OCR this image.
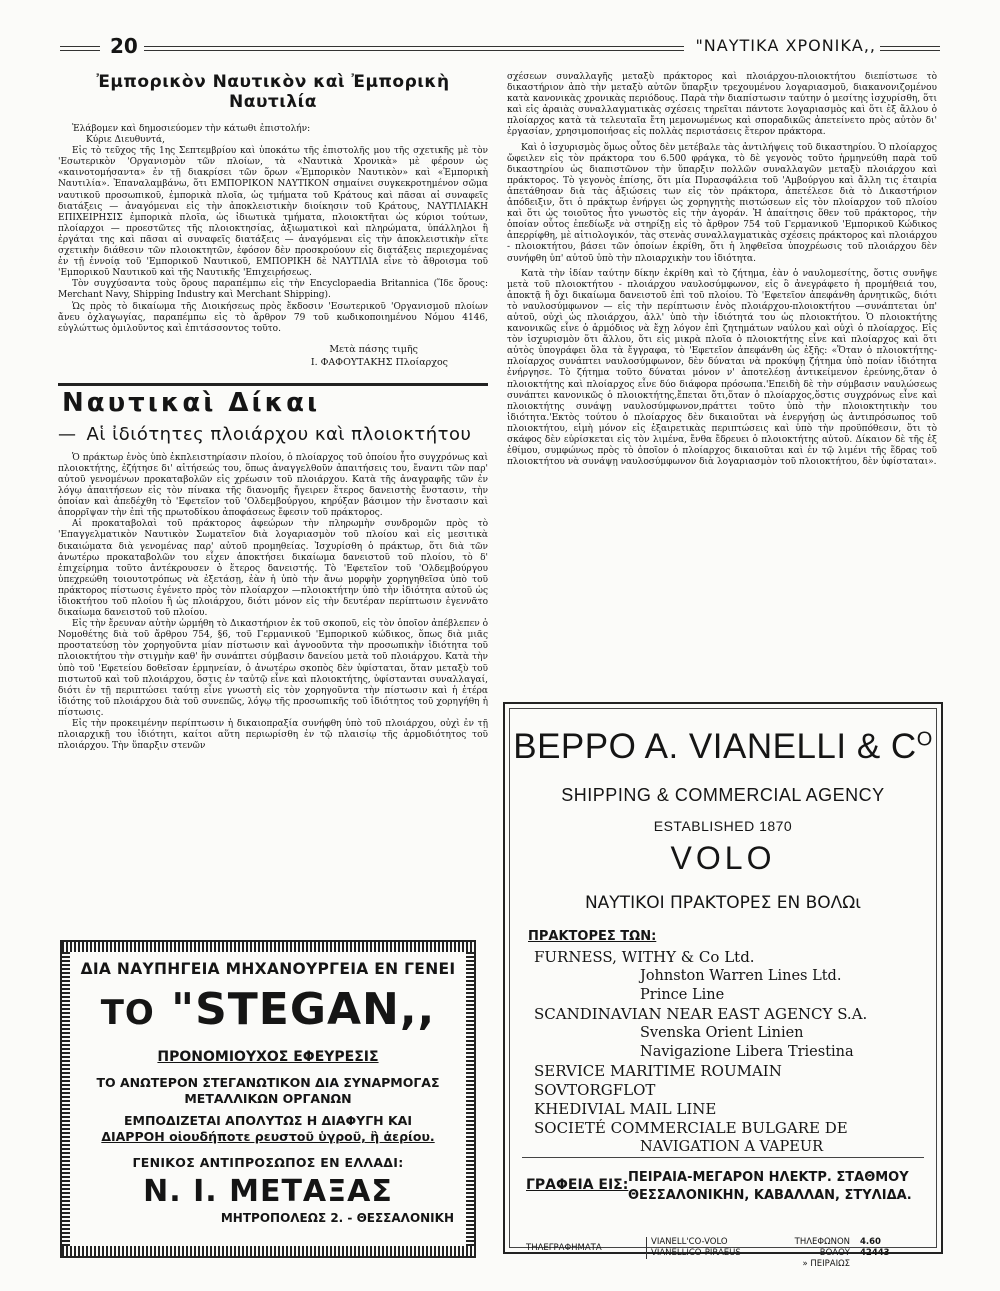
20	"ΝΑΥΤΙΚΑ ΧΡΟΝΙΚΑ,,
Ἐμπορικὸν Ναυτικὸν καὶ Ἐμπορικὴ Ναυτιλία

Ἐλάβομεν καὶ δημοσιεύομεν τὴν κάτωθι ἐπιστολήν:

Κύριε Διευθυντά,

Εἰς τὸ τεῦχος τῆς 1ης Σεπτεμβρίου καὶ ὑποκάτω τῆς ἐπιστολῆς μου τῆς σχετικῆς μὲ τὸν 'Εσωτερικὸν 'Οργανισμὸν τῶν πλοίων, τὰ «Ναυτικὰ Χρονικὰ» μὲ φέρουν ὡς «καινοτομήσαντα» ἐν τῇ διακρίσει τῶν ὅρων «Ἐμπορικὸν Ναυτικὸν» καὶ «Ἐμπορικὴ Ναυτιλία». Ἐπαναλαμβάνω, ὅτι ΕΜΠΟΡΙΚΟΝ ΝΑΥΤΙΚΟΝ σημαίνει συγκεκροτημένον σῶμα ναυτικοῦ προσωπικοῦ, ἐμπορικὰ πλοῖα, ὡς τμήματα τοῦ Κράτους καὶ πᾶσαι αἱ συναφεῖς διατάξεις — ἀναγόμεναι εἰς τὴν ἀποκλειστικὴν διοίκησιν τοῦ Κράτους, ΝΑΥΤΙΛΙΑΚΗ ΕΠΙΧΕΙΡΗΣΙΣ ἐμπορικὰ πλοῖα, ὡς ἰδιωτικὰ τμήματα, πλοιοκτῆται ὡς κύριοι τούτων, πλοίαρχοι — προεστῶτες τῆς πλοιοκτησίας, ἀξιωματικοὶ καὶ πληρώματα, ὑπάλληλοι ἢ ἐργάται της καὶ πᾶσαι αἱ συναφεῖς διατάξεις — ἀναγόμεναι εἰς τὴν ἀποκλειστικὴν εἴτε σχετικὴν διάθεσιν τῶν πλοιοκτητῶν, ἐφόσον δὲν προσκρούουν εἰς διατάξεις περιεχομένας ἐν τῇ ἐννοίᾳ τοῦ 'Εμπορικοῦ Ναυτικοῦ, ΕΜΠΟΡΙΚΗ δὲ ΝΑΥΤΙΛΙΑ εἶνε τὸ ἄθροισμα τοῦ 'Εμπορικοῦ Ναυτικοῦ καὶ τῆς Ναυτικῆς 'Επιχειρήσεως.

Τὸν συγχύσαντα τοὺς ὅρους παραπέμπω εἰς τὴν Encyclopaedia Britannica (Ἴδε ὅρους: Merchant Navy, Shipping Industry καὶ Merchant Shipping).

Ὡς πρὸς τὸ δικαίωμα τῆς Διοικήσεως πρὸς ἔκδοσιν 'Εσωτερικοῦ 'Οργανισμοῦ πλοίων ἄνευ ὀχλαγωγίας, παραπέμπω εἰς τὸ ἄρθρον 79 τοῦ κωδικοποιημένου Νόμου 4146, εὐγλώττως ὁμιλοῦντος καὶ ἐπιτάσσοντος τοῦτο.

Μετὰ πάσης τιμῆς
Ι. ΦΑΦΟΥΤΑΚΗΣ Πλοίαρχος
Ναυτικαὶ Δίκαι
— Αἱ ἰδιότητες πλοιάρχου καὶ πλοιοκτήτου

Ὁ πράκτωρ ἑνὸς ὑπὸ ἐκπλειστηρίασιν πλοίου, ὁ πλοίαρχος τοῦ ὁποίου ἦτο συγχρόνως καὶ πλοιοκτήτης, ἐζήτησε δι' αἰτήσεώς του, ὅπως ἀναγγελθοῦν ἀπαιτήσεις του, ἔναντι τῶν παρ' αὐτοῦ γενομένων προκαταβολῶν εἰς χρέωσιν τοῦ πλοιάρχου. Κατὰ τῆς ἀναγραφῆς τῶν ἐν λόγῳ ἀπαιτήσεων εἰς τὸν πίνακα τῆς διανομῆς ἤγειρεν ἕτερος δανειστὴς ἔνστασιν, τὴν ὁποίαν καὶ ἀπεδέχθη τὸ 'Εφετεῖον τοῦ 'Ολδεμβούργου, κηρύξαν βάσιμον τὴν ἔνστασιν καὶ ἀπορρῖψαν τὴν ἐπὶ τῆς πρωτοδίκου ἀποφάσεως ἔφεσιν τοῦ πράκτορος.

Αἱ προκαταβολαὶ τοῦ πράκτορος ἀφεώρων τὴν πληρωμὴν συνδρομῶν πρὸς τὸ 'Επαγγελματικὸν Ναυτικὸν Σωματεῖον διὰ λογαριασμὸν τοῦ πλοίου καὶ εἰς μεσιτικὰ δικαιώματα διὰ γενομένας παρ' αὐτοῦ προμηθείας. Ἰσχυρίσθη ὁ πράκτωρ, ὅτι διὰ τῶν ἀνωτέρω προκαταβολῶν του εἶχεν ἀποκτήσει δικαίωμα δανειστοῦ τοῦ πλοίου, τὸ δ' ἐπιχείρημα τοῦτο ἀντέκρουσεν ὁ ἕτερος δανειστής. Τὸ 'Εφετεῖον τοῦ 'Ολδεμβούργου ὑπεχρεώθη τοιουτοτρόπως νὰ ἐξετάσῃ, ἐὰν ἡ ὑπὸ τὴν ἄνω μορφὴν χορηγηθεῖσα ὑπὸ τοῦ πράκτορος πίστωσις ἐγένετο πρὸς τὸν πλοίαρχον —πλοιοκτήτην ὑπὸ τὴν ἰδιότητα αὐτοῦ ὡς ἰδιοκτήτου τοῦ πλοίου ἢ ὡς πλοιάρχου, διότι μόνον εἰς τὴν δευτέραν περίπτωσιν ἐγεννᾶτο δικαίωμα δανειστοῦ τοῦ πλοίου.

Εἰς τὴν ἔρευναν αὐτὴν ὡρμήθη τὸ Δικαστήριον ἐκ τοῦ σκοποῦ, εἰς τὸν ὁποῖον ἀπέβλεπεν ὁ Νομοθέτης διὰ τοῦ ἄρθρου 754, §6, τοῦ Γερμανικοῦ 'Εμπορικοῦ κώδικος, ὅπως διὰ μιᾶς προστατεύσῃ τὸν χορηγοῦντα μίαν πίστωσιν καὶ ἀγνοοῦντα τὴν προσωπικὴν ἰδιότητα τοῦ πλοιοκτήτου τὴν στιγμὴν καθ' ἣν συνάπτει σύμβασιν δανείου μετὰ τοῦ πλοιάρχου. Κατὰ τὴν ὑπὸ τοῦ 'Εφετείου δοθεῖσαν ἑρμηνείαν, ὁ ἀνωτέρω σκοπὸς δὲν ὑφίσταται, ὅταν μεταξὺ τοῦ πιστωτοῦ καὶ τοῦ πλοιάρχου, ὅστις ἐν ταὐτῷ εἶνε καὶ πλοιοκτήτης, ὑφίστανται συναλλαγαί, διότι ἐν τῇ περιπτώσει ταύτῃ εἶνε γνωστὴ εἰς τὸν χορηγοῦντα τὴν πίστωσιν καὶ ἡ ἑτέρα ἰδιότης τοῦ πλοιάρχου διὰ τοῦ συνεπῶς, λόγῳ τῆς προσωπικῆς τοῦ ἰδιότητος τοῦ χορηγήθη ἡ πίστωσις.

Εἰς τὴν προκειμένην περίπτωσιν ἡ δικαιοπραξία συνήφθη ὑπὸ τοῦ πλοιάρχου, οὐχὶ ἐν τῇ πλοιαρχικῇ του ἰδιότητι, καίτοι αὕτη περιωρίσθη ἐν τῷ πλαισίῳ τῆς ἁρμοδιότητος τοῦ πλοιάρχου. Τὴν ὕπαρξιν στενῶν

σχέσεων συναλλαγῆς μεταξὺ πράκτορος καὶ πλοιάρχου-πλοιοκτήτου διεπίστωσε τὸ δικαστήριον ἀπὸ τὴν μεταξὺ αὐτῶν ὕπαρξιν τρεχουμένου λογαριασμοῦ, διακανονιζομένου κατὰ κανονικὰς χρονικὰς περιόδους. Παρὰ τὴν διαπίστωσιν ταύτην ὁ μεσίτης ἰσχυρίσθη, ὅτι καὶ εἰς ἀραιὰς συναλλαγματικὰς σχέσεις τηρεῖται πάντοτε λογαριασμὸς καὶ ὅτι ἐξ ἄλλου ὁ πλοίαρχος κατὰ τὰ τελευταῖα ἔτη μεμονωμένως καὶ σποραδικῶς ἀπετείνετο πρὸς αὐτὸν δι' ἐργασίαν, χρησιμοποιήσας εἰς πολλὰς περιστάσεις ἕτερον πράκτορα.

Καὶ ὁ ἰσχυρισμὸς ὅμως οὗτος δὲν μετέβαλε τὰς ἀντιλήψεις τοῦ δικαστηρίου. Ὁ πλοίαρχος ὤφειλεν εἰς τὸν πράκτορα του 6.500 φράγκα, τὸ δὲ γεγονὸς τοῦτο ἡρμηνεύθη παρὰ τοῦ δικαστηρίου ὡς διαπιστῶνον τὴν ὕπαρξιν πολλῶν συναλλαγῶν μεταξὺ πλοιάρχου καὶ πράκτορος. Τὸ γεγονὸς ἐπίσης, ὅτι μία Πυρασφάλεια τοῦ 'Αμβούργου καὶ ἄλλη τις ἑταιρία ἀπετάθησαν διὰ τὰς ἀξιώσεις των εἰς τὸν πράκτορα, ἀπετέλεσε διὰ τὸ Δικαστήριον ἀπόδειξιν, ὅτι ὁ πράκτωρ ἐνήργει ὡς χορηγητὴς πιστώσεων εἰς τὸν πλοίαρχον τοῦ πλοίου καὶ ὅτι ὡς τοιοῦτος ἦτο γνωστὸς εἰς τὴν ἀγοράν. Ἡ ἀπαίτησις ὅθεν τοῦ πράκτορος, τὴν ὁποίαν οὗτος ἐπεδίωξε νὰ στηρίξῃ εἰς τὸ ἄρθρον 754 τοῦ Γερμανικοῦ 'Εμπορικοῦ Κώδικος ἀπερρίφθη, μὲ αἰτιολογικόν, τὰς στενὰς συναλλαγματικὰς σχέσεις πράκτορος καὶ πλοιάρχου - πλοιοκτήτου, βάσει τῶν ὁποίων ἐκρίθη, ὅτι ἡ ληφθεῖσα ὑποχρέωσις τοῦ πλοιάρχου δὲν συνήφθη ὑπ' αὐτοῦ ὑπὸ τὴν πλοιαρχικὴν του ἰδιότητα.

Κατὰ τὴν ἰδίαν ταύτην δίκην ἐκρίθη καὶ τὸ ζήτημα, ἐὰν ὁ ναυλομεσίτης, ὅστις συνῆψε μετὰ τοῦ πλοιοκτήτου - πλοιάρχου ναυλοσύμφωνον, εἰς ὃ ἀνεγράφετο ἡ προμήθειά του, ἀποκτᾷ ἢ ὄχι δικαίωμα δανειστοῦ ἐπὶ τοῦ πλοίου. Τὸ 'Εφετεῖον ἀπεφάνθη ἀρνητικῶς, διότι τὸ ναυλοσύμφωνον — εἰς τὴν περίπτωσιν ἑνὸς πλοιάρχου-πλοιοκτήτου —συνάπτεται ὑπ' αὐτοῦ, οὐχὶ ὡς πλοιάρχου, ἀλλ' ὑπὸ τὴν ἰδιότητά του ὡς πλοιοκτήτου. Ὁ πλοιοκτήτης κανονικῶς εἶνε ὁ ἁρμόδιος νὰ ἔχῃ λόγον ἐπὶ ζητημάτων ναύλου καὶ οὐχὶ ὁ πλοίαρχος. Εἰς τὸν ἰσχυρισμὸν ὅτι ἄλλου, ὅτι εἰς μικρὰ πλοῖα ὁ πλοιοκτήτης εἶνε καὶ πλοίαρχος καὶ ὅτι αὐτὸς ὑπογράφει ὅλα τὰ ἔγγραφα, τὸ 'Εφετεῖον ἀπεφάνθη ὡς ἑξῆς: «Ὅταν ὁ πλοιοκτήτης-πλοίαρχος συνάπτει ναυλοσύμφωνον, δὲν δύναται νὰ προκύψῃ ζήτημα ὑπὸ ποίαν ἰδιότητα ἐνήργησε. Τὸ ζήτημα τοῦτο δύναται μόνον ν' ἀποτελέσῃ ἀντικείμενον ἐρεύνης,ὅταν ὁ πλοιοκτήτης καὶ πλοίαρχος εἶνε δύο διάφορα πρόσωπα.'Επειδὴ δὲ τὴν σύμβασιν ναυλώσεως συνάπτει κανονικῶς ὁ πλοιοκτήτης,ἔπεται ὅτι,ὅταν ὁ πλοίαρχος,ὅστις συγχρόνως εἶνε καὶ πλοιοκτήτης συνάψῃ ναυλοσύμφωνον,πράττει τοῦτο ὑπὸ τὴν πλοιοκτητικὴν του ἰδιότητα.'Εκτὸς τούτου ὁ πλοίαρχος δὲν δικαιοῦται νὰ ἐνεργήσῃ ὡς ἀντιπρόσωπος τοῦ πλοιοκτήτου, εἰμὴ μόνον εἰς ἐξαιρετικὰς περιπτώσεις καὶ ὑπὸ τὴν προϋπόθεσιν, ὅτι τὸ σκάφος δὲν εὑρίσκεται εἰς τὸν λιμένα, ἔνθα ἔδρευει ὁ πλοιοκτήτης αὐτοῦ. Δίκαιον δὲ τῆς ἐξ ἐθίμου, συμφώνως πρὸς τὸ ὁποῖον ὁ πλοίαρχος δικαιοῦται καὶ ἐν τῷ λιμένι τῆς ἕδρας τοῦ πλοιοκτήτου νὰ συνάψῃ ναυλοσύμφωνον διὰ λογαριασμὸν τοῦ πλοιοκτήτου, δὲν ὑφίσταται».

ΔΙΑ ΝΑΥΠΗΓΕΙΑ ΜΗΧΑΝΟΥΡΓΕΙΑ ΕΝ ΓΕΝΕΙ
ΤΟ "STEGAN,,
ΠΡΟΝΟΜΙΟΥΧΟΣ ΕΦΕΥΡΕΣΙΣ
ΤΟ ΑΝΩΤΕΡΟΝ ΣΤΕΓΑΝΩΤΙΚΟΝ ΔΙΑ ΣΥΝΑΡΜΟΓΑΣ
ΜΕΤΑΛΛΙΚΩΝ ΟΡΓΑΝΩΝ
ΕΜΠΟΔΙΖΕΤΑΙ ΑΠΟΛΥΤΩΣ Η ΔΙΑΦΥΓΗ ΚΑΙ
ΔΙΑΡΡΟΗ οἱουδήποτε ρευστοῦ ὑγροῦ, ἢ ἀερίου.
ΓΕΝΙΚΟΣ ΑΝΤΙΠΡΟΣΩΠΟΣ ΕΝ ΕΛΛΑΔΙ:
Ν. Ι. ΜΕΤΑΞΑΣ
ΜΗΤΡΟΠΟΛΕΩΣ 2. - ΘΕΣΣΑΛΟΝΙΚΗ
BEPPO A. VIANELLI & $C^O$
SHIPPING & COMMERCIAL AGENCY
ESTABLISHED 1870
VOLO
ΝΑΥΤΙΚΟΙ ΠΡΑΚΤΟΡΕΣ ΕΝ ΒΟΛΩι
ΠΡΑΚΤΟΡΕΣ ΤΩΝ:
FURNESS, WITHY & Co Ltd.
Johnston Warren Lines Ltd.
Prince Line
SCANDINAVIAN NEAR EAST AGENCY S.A.
Svenska Orient Linien
Navigazione Libera Triestina
SERVICE MARITIME ROUMAIN
SOVTORGFLOT
KHEDIVIAL MAIL LINE
SOCIETÉ COMMERCIALE BULGARE DE
NAVIGATION A VAPEUR
ΓΡΑΦΕΙΑ ΕΙΣ: ΠΕΙΡΑΙΑ-ΜΕΓΑΡΟΝ ΗΛΕΚΤΡ. ΣΤΑΘΜΟΥ
ΘΕΣΣΑΛΟΝΙΚΗΝ, ΚΑΒΑΛΛΑΝ, ΣΤΥΛΙΔΑ.
ΤΗΛΕΓΡΑΦΗΜΑΤΑ
VIANELL'CO-VOLO
VIANELLICO-PIRAEUS
ΤΗΛΕΦΩΝΟΝ ΒΟΛΟΥ
» ΠΕΙΡΑΙΩΣ
4.60
42443
